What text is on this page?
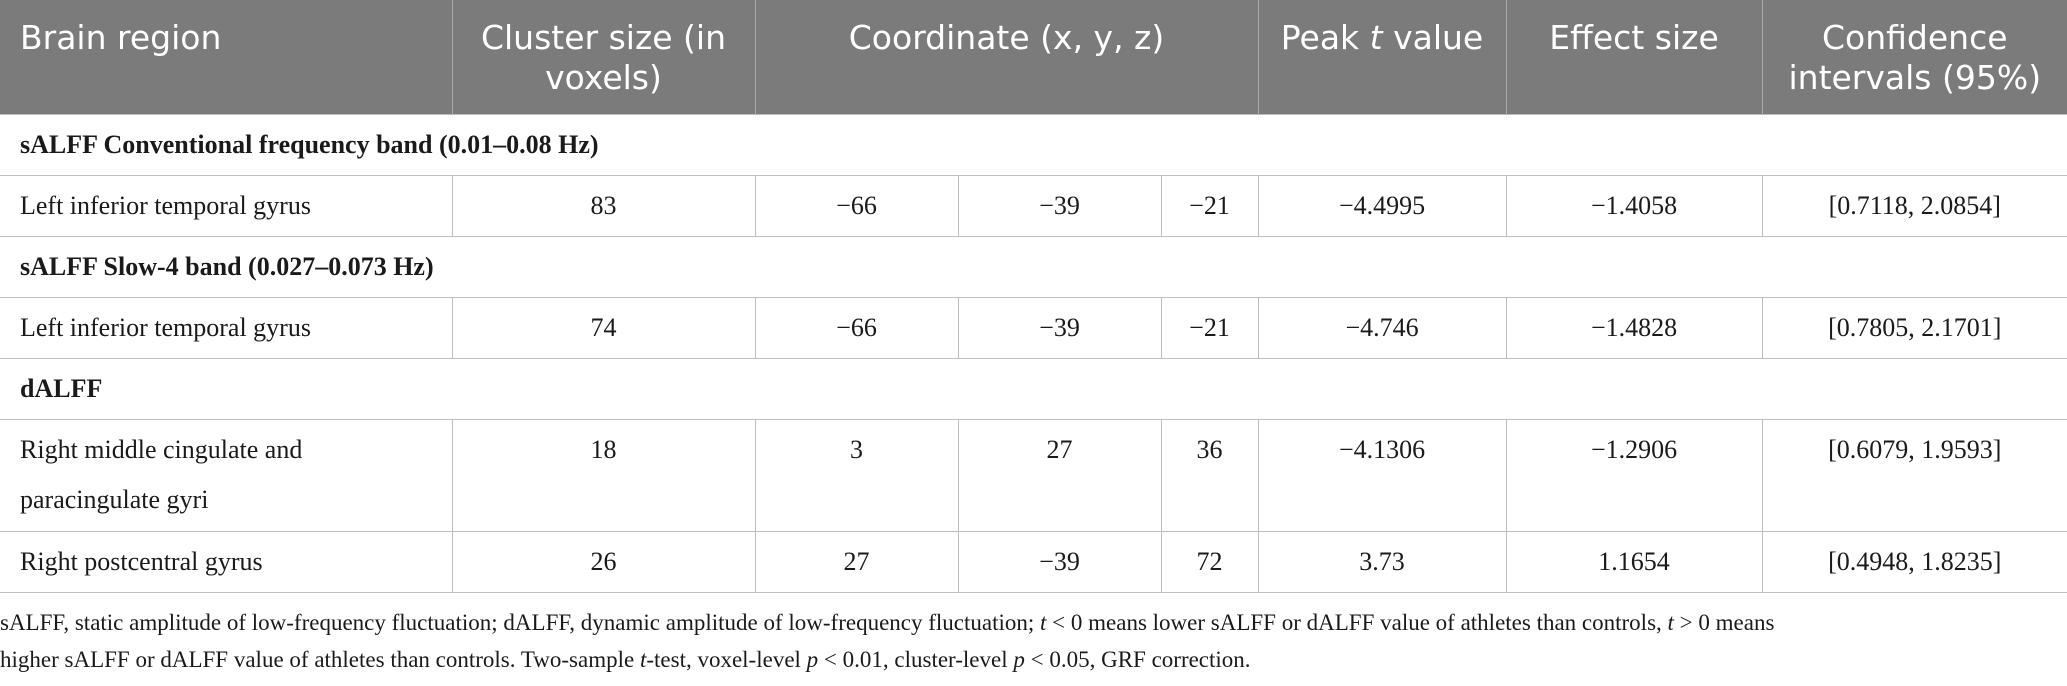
Brain region	Cluster size (in voxels)	Coordinate (x, y, z)			Peak t value	Effect size	Confidence intervals (95%)
sALFF Conventional frequency band (0.01–0.08 Hz)							
Left inferior temporal gyrus	83	−66	−39	−21	−4.4995	−1.4058	[0.7118, 2.0854]
sALFF Slow-4 band (0.027–0.073 Hz)							
Left inferior temporal gyrus	74	−66	−39	−21	−4.746	−1.4828	[0.7805, 2.1701]
dALFF							
Right middle cingulate and
paracingulate gyri	18	3	27	36	−4.1306	−1.2906	[0.6079, 1.9593]
Right postcentral gyrus	26	27	−39	72	3.73	1.1654	[0.4948, 1.8235]
sALFF, static amplitude of low-frequency fluctuation; dALFF, dynamic amplitude of low-frequency fluctuation; t < 0 means lower sALFF or dALFF value of athletes than controls, t > 0 means
higher sALFF or dALFF value of athletes than controls. Two-sample t-test, voxel-level p < 0.01, cluster-level p < 0.05, GRF correction.
